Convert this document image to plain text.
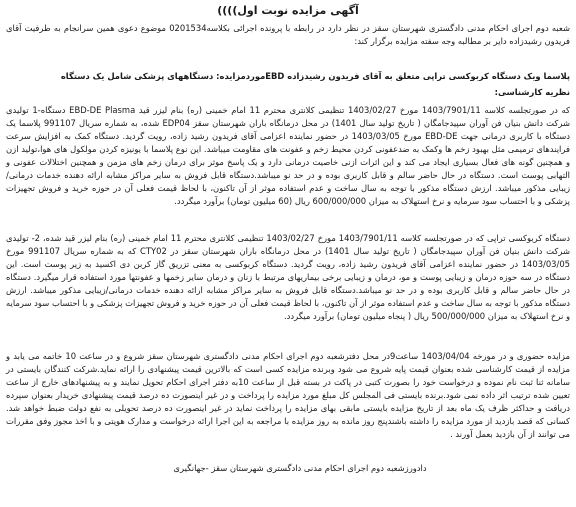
آگهی مزایده نوبت اول))))
شعبه دوم اجرای احکام مدنی دادگستری شهرستان سقز در نظر دارد در رابطه با پرونده اجرائی بکلاسه0201534 موضوع دعوی همین سرانجام به طرفیت آقای فریدون رشیدزاده دایر بر مطالبه وجه سفته مزایده برگزار کند:
پلاسما ویک دستگاه کربوکسی تراپی متعلق به آقای فریدون رشیدزاده EBDموردمزایده: دستگاههای پزشکی شامل یک دستگاه
نظریه کارشناسی:
که در صورتجلسه کلاسه 1403/7901/11 مورخ 1403/02/27 تنظیمی کلانتری محترم 11 امام خمینی (ره) بنام لیزر قید EBD-DE Plasma دستگاه-1 تولیدی شرکت دانش بنیان فن آوران سپیدجامگان ( تاریخ تولید سال 1401) در محل درمانگاه باران شهرستان سقز EDP04 شده، به شماره سریال 991107 پلاسما یک دستگاه با کاربری درمانی جهت EBD-DE مورخ 1403/03/05 در حضور نماینده اعزامی آقای فریدون رشید زاده، رویت گردید. دستگاه کمک به افزایش سرعت فرایندهای ترمیمی مثل بهبود زخم ها وکمک به ضدعفونی کردن محیط زخم و عفونت های مقاومت میباشد. این نوع پلاسما با یونیزه کردن مولکول های هوا،تولید ازن و همچنین گونه های فعال بسیاری ایجاد می کند و این اثرات ازنی خاصیت درمانی دارد و یک پاسخ موثر برای درمان زخم های مزمن و همچنین اختلالات عفونی و التهابی پوست است. دستگاه در حال حاضر سالم و قابل کاربری بوده و در حد نو میباشد.دستگاه قابل فروش به سایر مراکز مشابه ارائه دهنده خدمات درمانی/زیبایی مذکور میباشد. ارزش دستگاه مذکور با توجه به سال ساخت و عدم استفاده موثر از آن تاکنون، با لحاظ قیمت فعلی آن در حوزه خرید و فروش تجهیزات پزشکی و با احتساب سود سرمایه و نرخ استهلاک به میزان 600/000/000 ریال (60 میلیون تومان) برآورد میگردد.
دستگاه کربوکسی تراپی که در صورتجلسه کلاسه 1403/7901/11 مورخ 1403/02/27 تنظیمی کلانتری محترم 11 امام خمینی (ره) بنام لیزر قید شده، 2- تولیدی شرکت دانش بنیان فن آوران سپیدجامگان ( تاریخ تولید سال 1401) در محل درمانگاه باران شهرستان سقز در CTY02 که به شماره سریال 991107 مورخ 1403/03/05 در حضور نماینده اعزامی آقای فریدون رشید زاده، رویت گردید. دستگاه کربوکسی به معنی تزریق گاز کربن دی اکسید به زیر پوست است. این دستگاه در سه حوزه درمان و زیبایی پوست و مو، درمان و زیبایی برخی بیماریهای مرتبط با زنان و درمان سایر زخمها و عفونتها مورد استفاده قرار میگیرد. دستگاه در حال حاضر سالم و قابل کاربری بوده و در حد نو میباشد.دستگاه قابل فروش به سایر مراکز مشابه ارائه دهنده خدمات درمانی/زیبایی مذکور میباشد. ارزش دستگاه مذکور با توجه به سال ساخت و عدم استفاده موثر از آن تاکنون، با لحاظ قیمت فعلی آن در حوزه خرید و فروش تجهیزات پزشکی و با احتساب سود سرمایه و نرخ استهلاک به میزان 500/000/000 ریال ( پنجاه میلیون تومان) برآورد میگردد.
مزایده حضوری و در مورخه 1403/04/04 ساعت9در محل دفترشعبه دوم اجرای احکام مدنی دادگستری شهرستان سقز شروع و در ساعت 10 خاتمه می یابد و مزایده از قیمت کارشناسی شده بعنوان قیمت پایه شروع می شود وبرنده مزایده کسی است که بالاترین قیمت پیشنهادی را ارائه نماید.شرکت کنندگان بایستی در سامانه ثنا ثبت نام نموده و درخواست خود را بصورت کتبی در پاکت در بسته قبل از ساعت 10به دفتر اجرای احکام تحویل نمایند و به پیشنهادهای خارج از ساعت تعیین شده ترتیب اثر داده نمی شود.برنده بایستی فی المجلس کل مبلغ مورد مزایده را پرداخت و در غیر اینصورت ده درصد قیمت پیشنهادی خریدار بعنوان سپرده دریافت و حداکثر ظرف یک ماه بعد از تاریخ مزایده بایستی مابقی بهای مزایده را پرداخت نماید در غیر اینصورت ده درصد تحویلی به نفع دولت ضبط خواهد شد. کسانی که قصد بازدید از مورد مزایده را داشته باشندپنج روز مانده به روز مزایده با مراجعه به این اجرا ارائه درخواست و مدارک هویتی و با اخذ مجوز وفق مقررات می توانند از آن بازدید بعمل آورند .
دادورزشعبه دوم اجرای احکام مدنی دادگستری شهرستان سقز -جهانگیری
